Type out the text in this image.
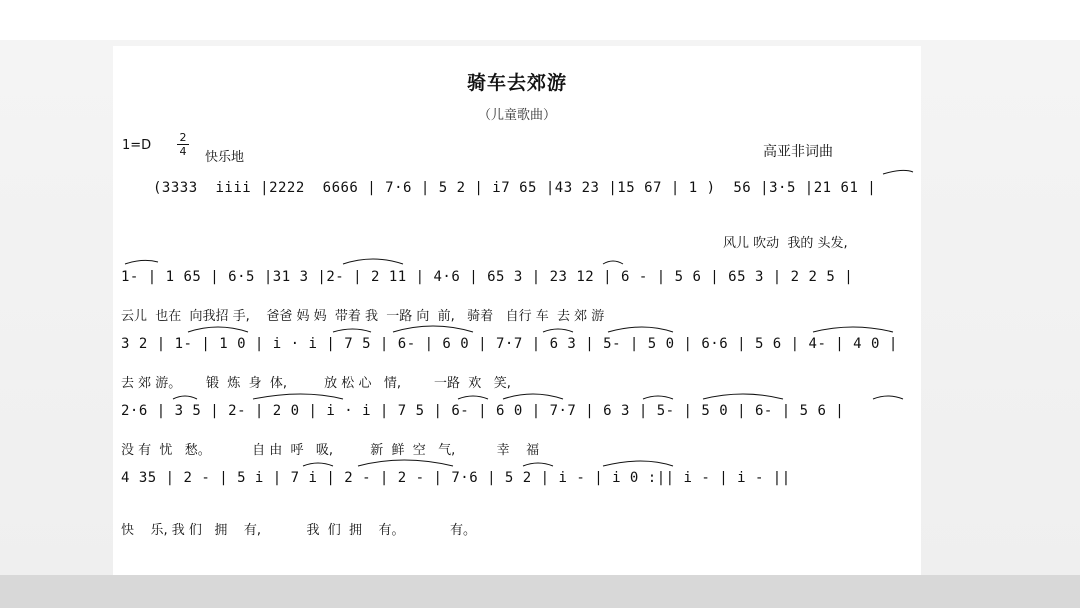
骑车去郊游
（儿童歌曲）
1=D
2
4 快乐地	高亚非词曲
(3333  iiii |2222  6666 | 7·6 | 5 2 | i7 65 |43 23 |15 67 | 1 )  56 |3·5 |21 61 |
风儿 吹动  我的 头发,
1- | 1 65 | 6·5 |31 3 |2- | 2 11 | 4·6 | 65 3 | 23 12 | 6 - | 5 6 | 65 3 | 2 2 5 |
云儿  也在  向我招 手,    爸爸 妈 妈  带着 我  一路 向  前,   骑着   自行 车  去 郊 游
3 2 | 1- | 1 0 | i · i | 7 5 | 6- | 6 0 | 7·7 | 6 3 | 5- | 5 0 | 6·6 | 5 6 | 4- | 4 0 |
去 郊 游。      锻  炼  身  体,         放 松 心   情,        一路  欢   笑,
2·6 | 3 5 | 2- | 2 0 | i · i | 7 5 | 6- | 6 0 | 7·7 | 6 3 | 5- | 5 0 | 6- | 5 6 |
没 有  忧   愁。          自 由  呼   吸,         新  鲜  空   气,          幸    福
4 35 | 2 - | 5 i | 7 i | 2 - | 2 - | 7·6 | 5 2 | i - | i 0 :|| i - | i - ||
快    乐, 我 们   拥    有,           我  们  拥    有。           有。
